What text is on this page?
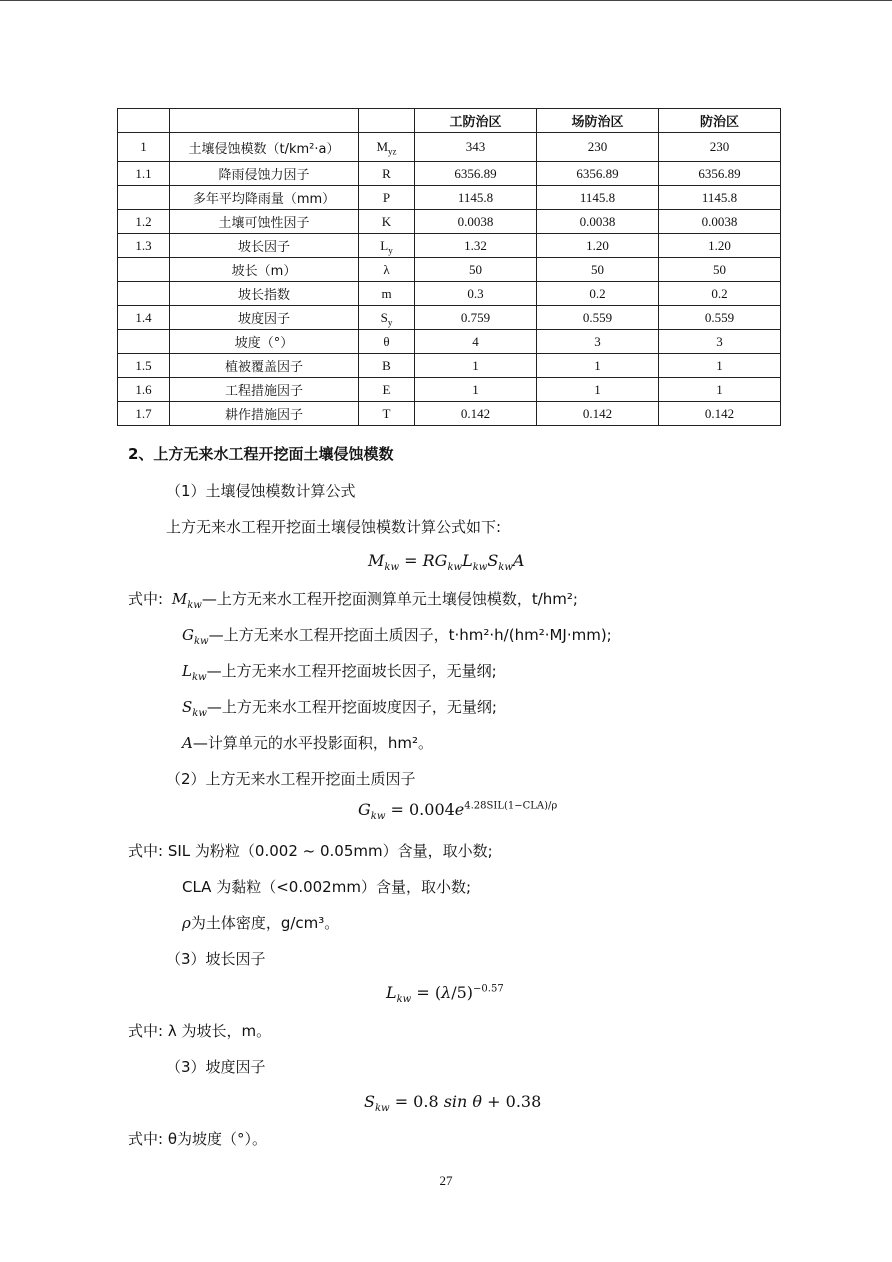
			工防治区	场防治区	防治区
1	土壤侵蚀模数（t/km²·a）	$M_{yz}$	343	230	230
1.1	降雨侵蚀力因子	R	6356.89	6356.89	6356.89
	多年平均降雨量（mm）	P	1145.8	1145.8	1145.8
1.2	土壤可蚀性因子	K	0.0038	0.0038	0.0038
1.3	坡长因子	$L_y$	1.32	1.20	1.20
	坡长（m）	λ	50	50	50
	坡长指数	m	0.3	0.2	0.2
1.4	坡度因子	$S_y$	0.759	0.559	0.559
	坡度（°）	θ	4	3	3
1.5	植被覆盖因子	B	1	1	1
1.6	工程措施因子	E	1	1	1
1.7	耕作措施因子	T	0.142	0.142	0.142
2、上方无来水工程开挖面土壤侵蚀模数
（1）土壤侵蚀模数计算公式
上方无来水工程开挖面土壤侵蚀模数计算公式如下:
$M_{kw} = RG_{kw}L_{kw}S_{kw}A$
式中: $M_{kw}—$上方无来水工程开挖面测算单元土壤侵蚀模数，t/hm²;
$G_{kw}—$上方无来水工程开挖面土质因子，t·hm²·h/(hm²·MJ·mm);
$L_{kw}—$上方无来水工程开挖面坡长因子，无量纲;
$S_{kw}—$上方无来水工程开挖面坡度因子，无量纲;
A—计算单元的水平投影面积，hm²。
（2）上方无来水工程开挖面土质因子
$G_{kw} = 0.004e^{4.28SIL(1-CLA)/\rho}$
式中: SIL 为粉粒（0.002 ~ 0.05mm）含量，取小数;
CLA 为黏粒（<0.002mm）含量，取小数;
ρ为土体密度，g/cm³。
（3）坡长因子
$L_{kw} = (\lambda/5)^{-0.57}$
式中: λ 为坡长，m。
（3）坡度因子
$S_{kw} = 0.8$ sin θ + 0.38
式中: θ为坡度（°）。
27
